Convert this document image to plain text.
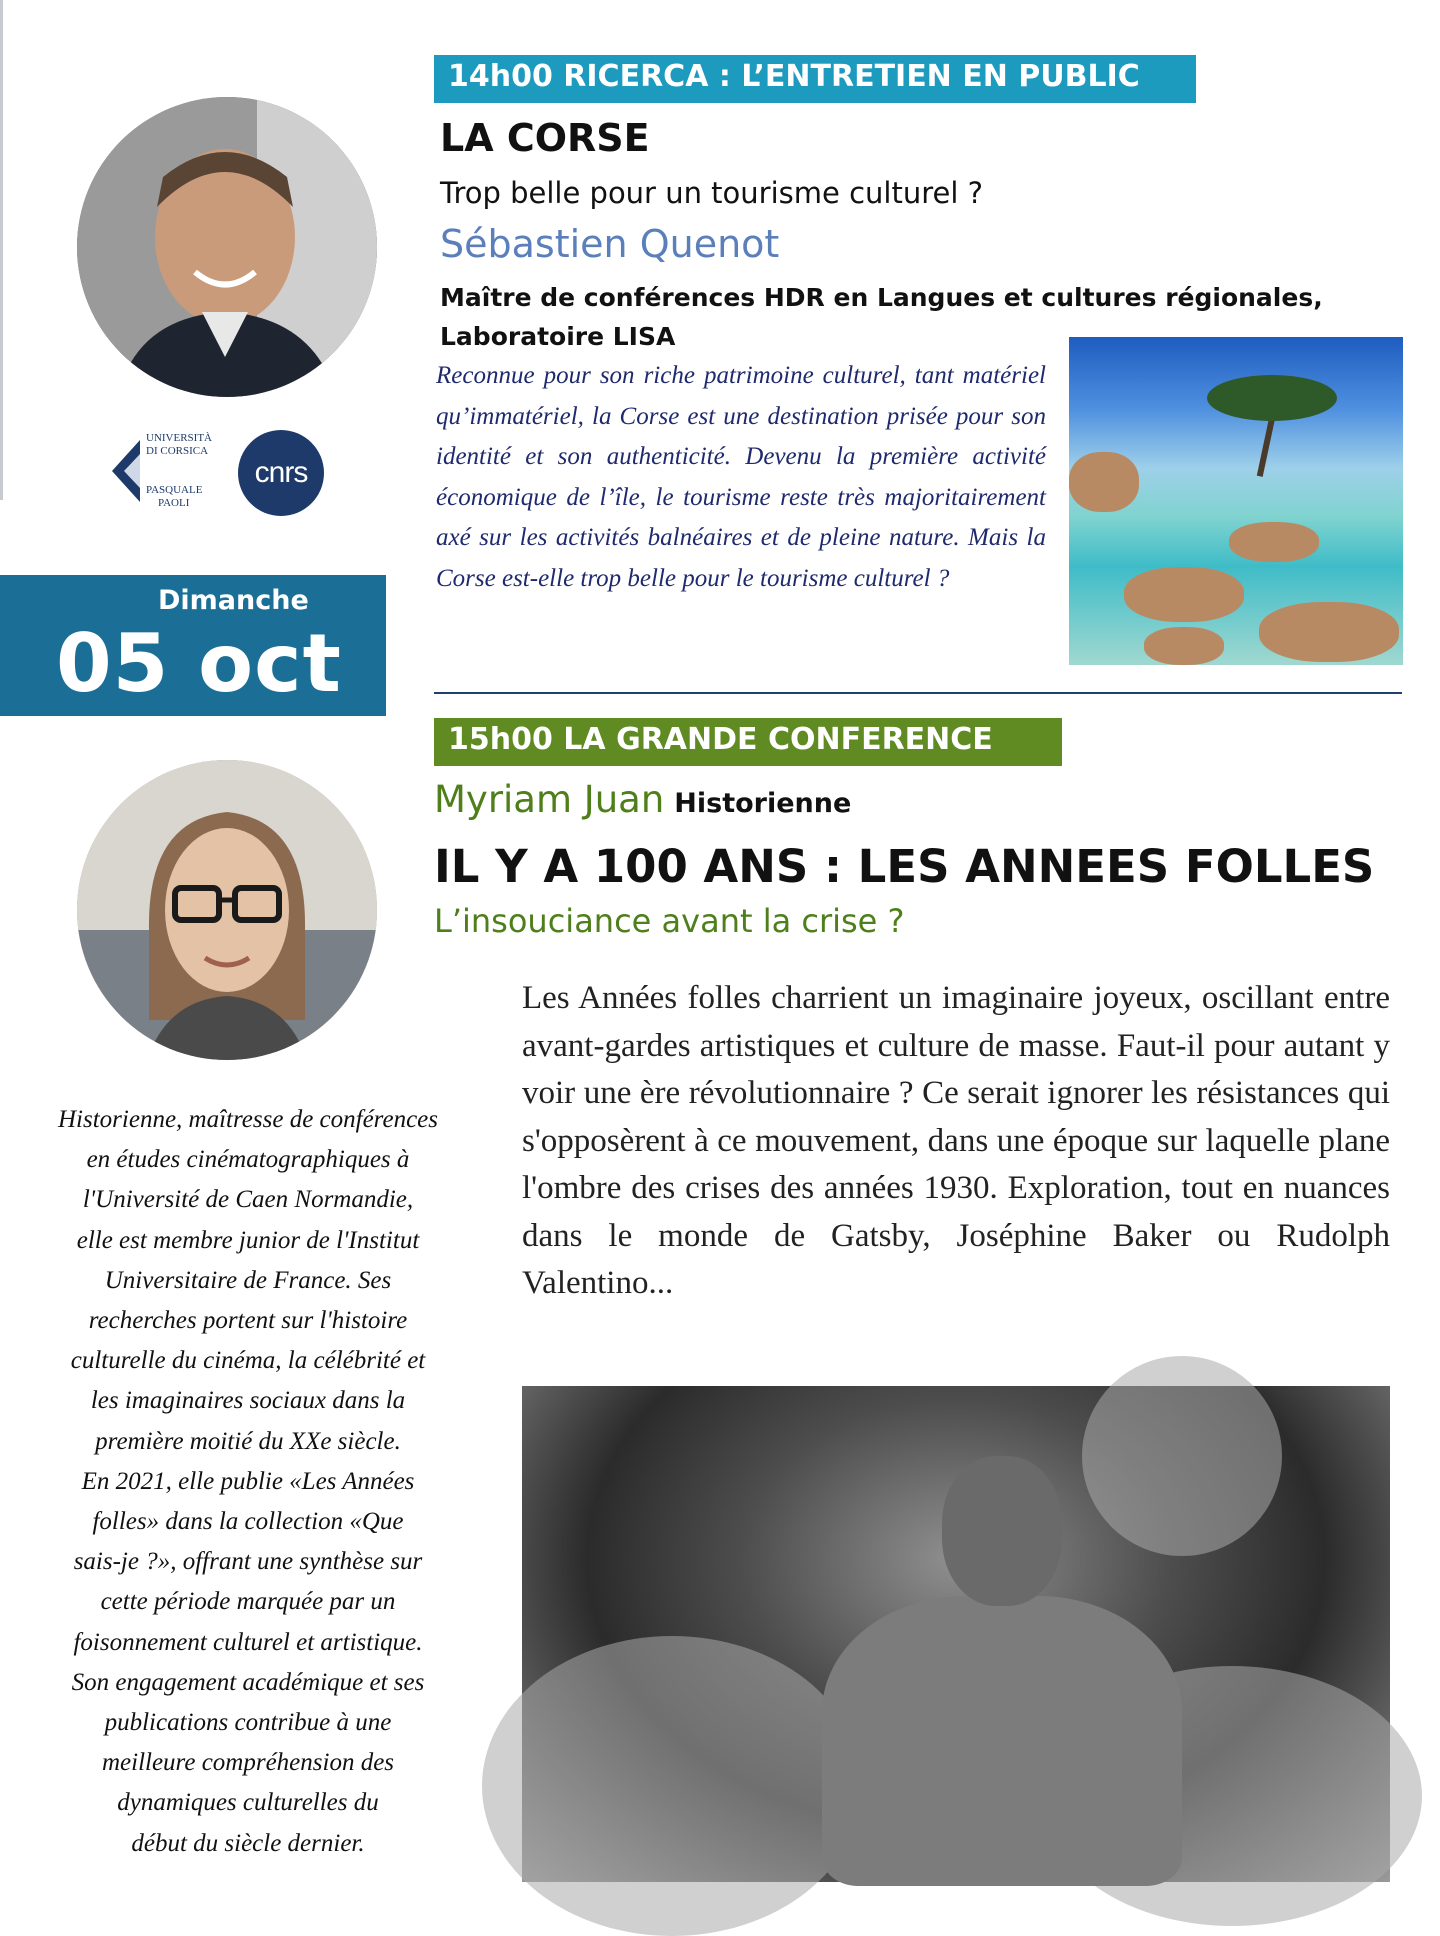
UNIVERSITÀ
DI CORSICA
PASQUALE
PAOLI
cnrs
Dimanche
05 oct
14h00 RICERCA : L’ENTRETIEN EN PUBLIC
LA CORSE
Trop belle pour un tourisme culturel ?
Sébastien Quenot
Maître de conférences HDR en Langues et cultures régionales, Laboratoire LISA
Reconnue pour son riche patrimoine culturel, tant matériel qu’immatériel, la Corse est une destination prisée pour son identité et son authenticité. Devenu la première activité économique de l’île, le tourisme reste très majoritairement axé sur les activités balnéaires et de pleine nature. Mais la Corse est-elle trop belle pour le tourisme culturel ?
15h00 LA GRANDE CONFERENCE
Myriam Juan Historienne
IL Y A 100 ANS : LES ANNEES FOLLES
L’insouciance avant la crise ?
Les Années folles charrient un imaginaire joyeux, oscillant entre avant-gardes artistiques et culture de masse. Faut-il pour autant y voir une ère révolutionnaire ? Ce serait ignorer les résistances qui s'opposèrent à ce mouvement, dans une époque sur laquelle plane l'ombre des crises des années 1930. Exploration, tout en nuances dans le monde de Gatsby, Joséphine Baker ou Rudolph Valentino...
Historienne, maîtresse de conférences
en études cinématographiques à
l'Université de Caen Normandie,
elle est membre junior de l'Institut
Universitaire de France. Ses
recherches portent sur l'histoire
culturelle du cinéma, la célébrité et
les imaginaires sociaux dans la
première moitié du XXe siècle.
En 2021, elle publie «Les Années
folles» dans la collection «Que
sais-je ?», offrant une synthèse sur
cette période marquée par un
foisonnement culturel et artistique.
Son engagement académique et ses
publications contribue à une
meilleure compréhension des
dynamiques culturelles du
début du siècle dernier.
